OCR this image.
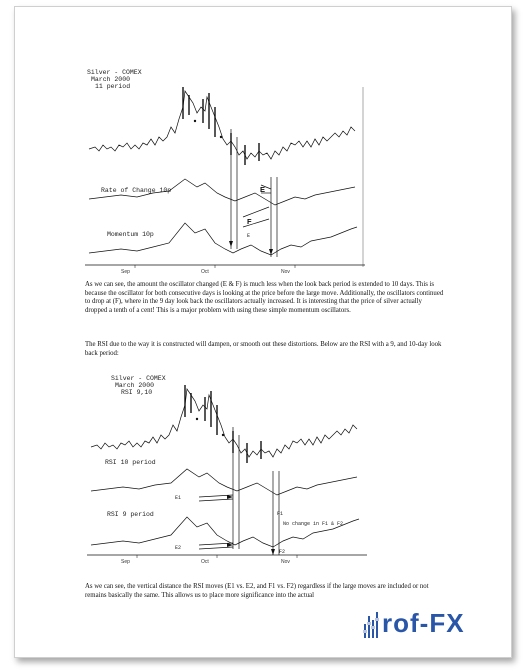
Silver - COMEX
March 2000
11 period
Rate of Change 10p
Momentum 10p
E
F
E
Sep	Oct	Nov
As we can see, the amount the oscillator changed (E & F) is much less when the look back period is extended to 10 days. This is because the oscillator for both consecutive days is looking at the price before the large move. Additionally, the oscillators continued to drop at (F), where in the 9 day look back the oscillators actually increased. It is interesting that the price of silver actually dropped a tenth of a cent! This is a major problem with using these simple momentum oscillators.
The RSI due to the way it is constructed will dampen, or smooth out these distortions. Below are the RSI with a 9, and 10-day look back period:
Silver - COMEX
March 2000
RSI 9,10
RSI 10 period
E1
F1
No change in F1 & F2
RSI 9 period
E2
F2
Sep	Oct	Nov
As we can see, the vertical distance the RSI moves (E1 vs. E2, and F1 vs. F2) regardless if the large moves are included or not remains basically the same. This allows us to place more significance into the actual
rof-FX
